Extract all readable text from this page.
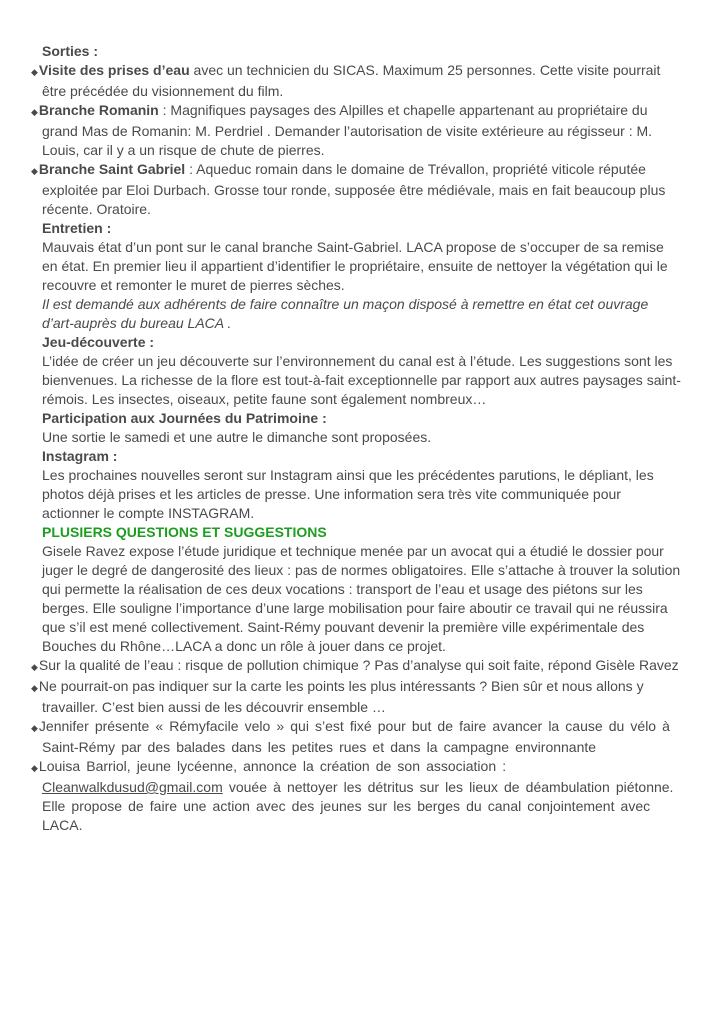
Sorties :

◆Visite des prises d’eau avec un technicien du SICAS. Maximum 25 personnes. Cette visite pourrait être précédée du visionnement du film.

◆Branche Romanin : Magnifiques paysages des Alpilles et chapelle appartenant au propriétaire du grand Mas de Romanin: M. Perdriel . Demander l’autorisation de visite extérieure au régisseur : M. Louis, car il y a un risque de chute de pierres.

◆Branche Saint Gabriel : Aqueduc romain dans le domaine de Trévallon, propriété viticole réputée exploitée par Eloi Durbach. Grosse tour ronde, supposée être médiévale, mais en fait beaucoup plus récente. Oratoire.

Entretien :

Mauvais état d’un pont sur le canal branche Saint-Gabriel. LACA propose de s’occuper de sa remise en état. En premier lieu il appartient d’identifier le propriétaire, ensuite de nettoyer la végétation qui le recouvre et remonter le muret de pierres sèches.

Il est demandé aux adhérents de faire connaître un maçon disposé à remettre en état cet ouvrage d’art-auprès du bureau LACA .

Jeu-découverte :

L’idée de créer un jeu découverte sur l’environnement du canal est à l’étude. Les suggestions sont les bienvenues. La richesse de la flore est tout-à-fait exceptionnelle par rapport aux autres paysages saint-rémois. Les insectes, oiseaux, petite faune sont également nombreux…

Participation aux Journées du Patrimoine :

Une sortie le samedi et une autre le dimanche sont proposées.

Instagram :

Les prochaines nouvelles seront sur Instagram ainsi que les précédentes parutions, le dépliant, les photos déjà prises et les articles de presse. Une information sera très vite communiquée pour actionner le compte INSTAGRAM.

PLUSIERS QUESTIONS ET SUGGESTIONS

Gisele Ravez expose l’étude juridique et technique menée par un avocat qui a étudié le dossier pour juger le degré de dangerosité des lieux : pas de normes obligatoires. Elle s’attache à trouver la solution qui permette la réalisation de ces deux vocations : transport de l’eau et usage des piétons sur les berges. Elle souligne l’importance d’une large mobilisation pour faire aboutir ce travail qui ne réussira que s’il est mené collectivement. Saint-Rémy pouvant devenir la première ville expérimentale des Bouches du Rhône…LACA a donc un rôle à jouer dans ce projet.

◆Sur la qualité de l’eau : risque de pollution chimique ? Pas d’analyse qui soit faite, répond Gisèle Ravez

◆Ne pourrait-on pas indiquer sur la carte les points les plus intéressants ? Bien sûr et nous allons y travailler. C’est bien aussi de les découvrir ensemble …

◆Jennifer présente « Rémyfacile velo » qui s’est fixé pour but de faire avancer la cause du vélo à Saint-Rémy par des balades dans les petites rues et dans la campagne environnante

◆Louisa Barriol, jeune lycéenne, annonce la création de son association : Cleanwalkdusud@gmail.com vouée à nettoyer les détritus sur les lieux de déambulation piétonne. Elle propose de faire une action avec des jeunes sur les berges du canal conjointement avec LACA.
